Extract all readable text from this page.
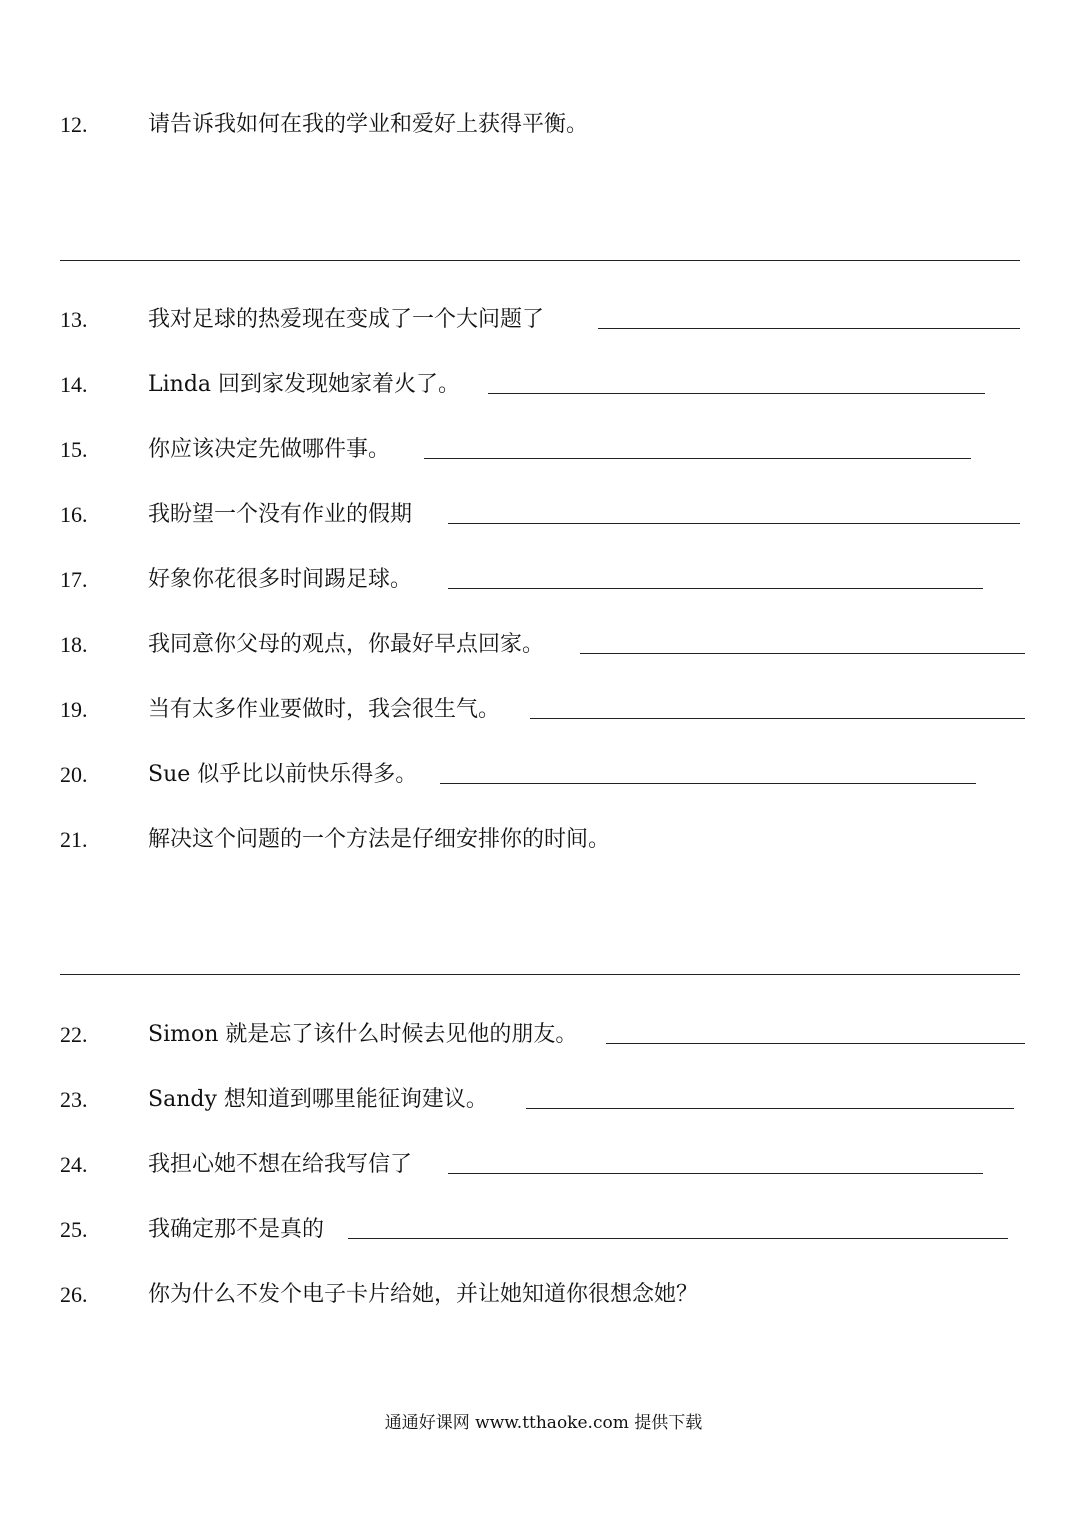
12.	请告诉我如何在我的学业和爱好上获得平衡。
13.	我对足球的热爱现在变成了一个大问题了
14.	Linda 回到家发现她家着火了。
15.	你应该决定先做哪件事。
16.	我盼望一个没有作业的假期
17.	好象你花很多时间踢足球。
18.	我同意你父母的观点，你最好早点回家。
19.	当有太多作业要做时，我会很生气。
20.	Sue 似乎比以前快乐得多。
21.	解决这个问题的一个方法是仔细安排你的时间。
22.	Simon 就是忘了该什么时候去见他的朋友。
23.	Sandy 想知道到哪里能征询建议。
24.	我担心她不想在给我写信了
25.	我确定那不是真的
26.	你为什么不发个电子卡片给她，并让她知道你很想念她？
通通好课网 www.tthaoke.com 提供下载
